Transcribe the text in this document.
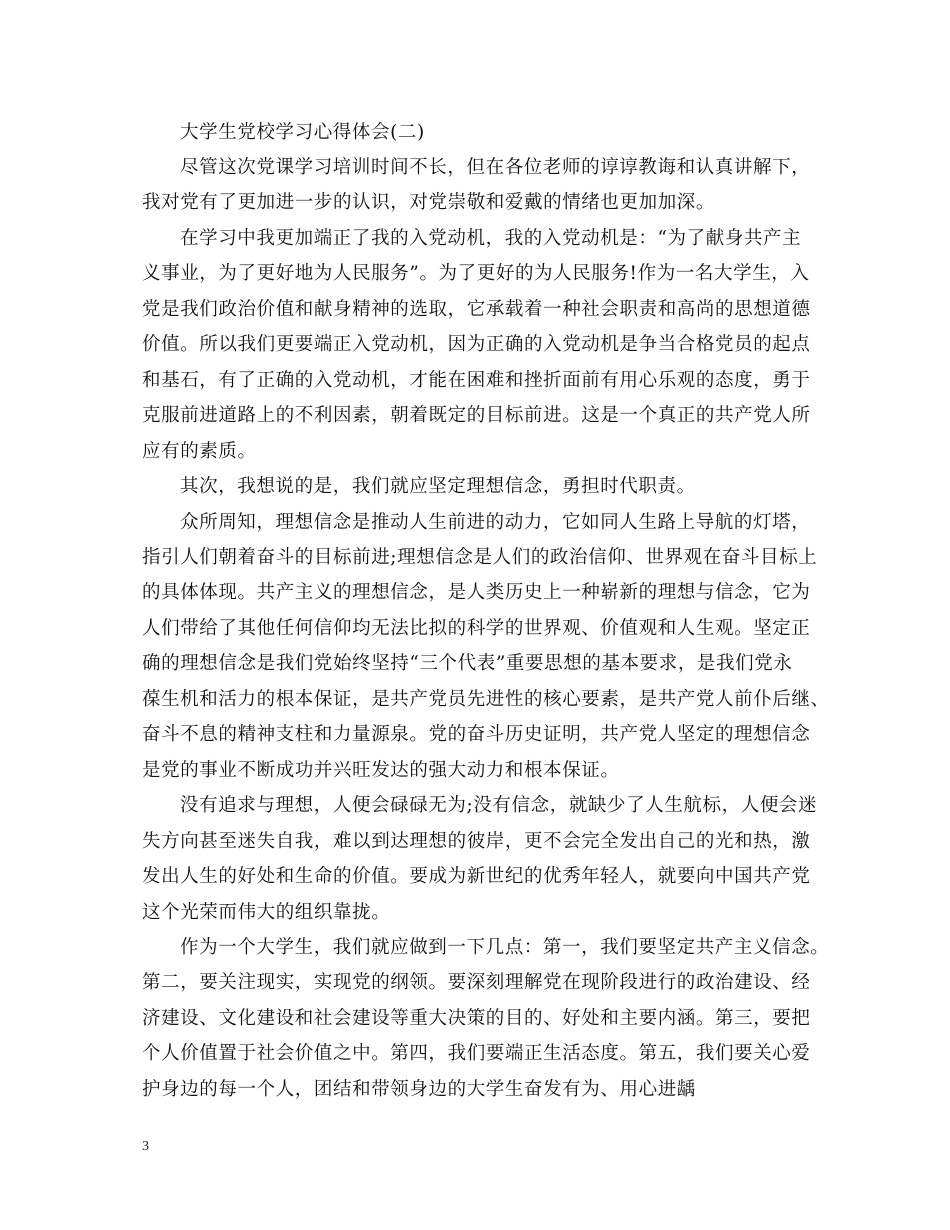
大学生党校学习心得体会(二)
尽管这次党课学习培训时间不长，但在各位老师的谆谆教诲和认真讲解下，
我对党有了更加进一步的认识，对党崇敬和爱戴的情绪也更加加深。
在学习中我更加端正了我的入党动机，我的入党动机是：“为了献身共产主
义事业，为了更好地为人民服务”。为了更好的为人民服务!作为一名大学生，入
党是我们政治价值和献身精神的选取，它承载着一种社会职责和高尚的思想道德
价值。所以我们更要端正入党动机，因为正确的入党动机是争当合格党员的起点
和基石，有了正确的入党动机，才能在困难和挫折面前有用心乐观的态度，勇于
克服前进道路上的不利因素，朝着既定的目标前进。这是一个真正的共产党人所
应有的素质。
其次，我想说的是，我们就应坚定理想信念，勇担时代职责。
众所周知，理想信念是推动人生前进的动力，它如同人生路上导航的灯塔，
指引人们朝着奋斗的目标前进;理想信念是人们的政治信仰、世界观在奋斗目标上
的具体体现。共产主义的理想信念，是人类历史上一种崭新的理想与信念，它为
人们带给了其他任何信仰均无法比拟的科学的世界观、价值观和人生观。坚定正
确的理想信念是我们党始终坚持“三个代表”重要思想的基本要求，是我们党永
葆生机和活力的根本保证，是共产党员先进性的核心要素，是共产党人前仆后继、
奋斗不息的精神支柱和力量源泉。党的奋斗历史证明，共产党人坚定的理想信念
是党的事业不断成功并兴旺发达的强大动力和根本保证。
没有追求与理想，人便会碌碌无为;没有信念，就缺少了人生航标，人便会迷
失方向甚至迷失自我，难以到达理想的彼岸，更不会完全发出自己的光和热，激
发出人生的好处和生命的价值。要成为新世纪的优秀年轻人，就要向中国共产党
这个光荣而伟大的组织靠拢。
作为一个大学生，我们就应做到一下几点：第一，我们要坚定共产主义信念。
第二，要关注现实，实现党的纲领。要深刻理解党在现阶段进行的政治建设、经
济建设、文化建设和社会建设等重大决策的目的、好处和主要内涵。第三，要把
个人价值置于社会价值之中。第四，我们要端正生活态度。第五，我们要关心爱
护身边的每一个人，团结和带领身边的大学生奋发有为、用心进龋
3
